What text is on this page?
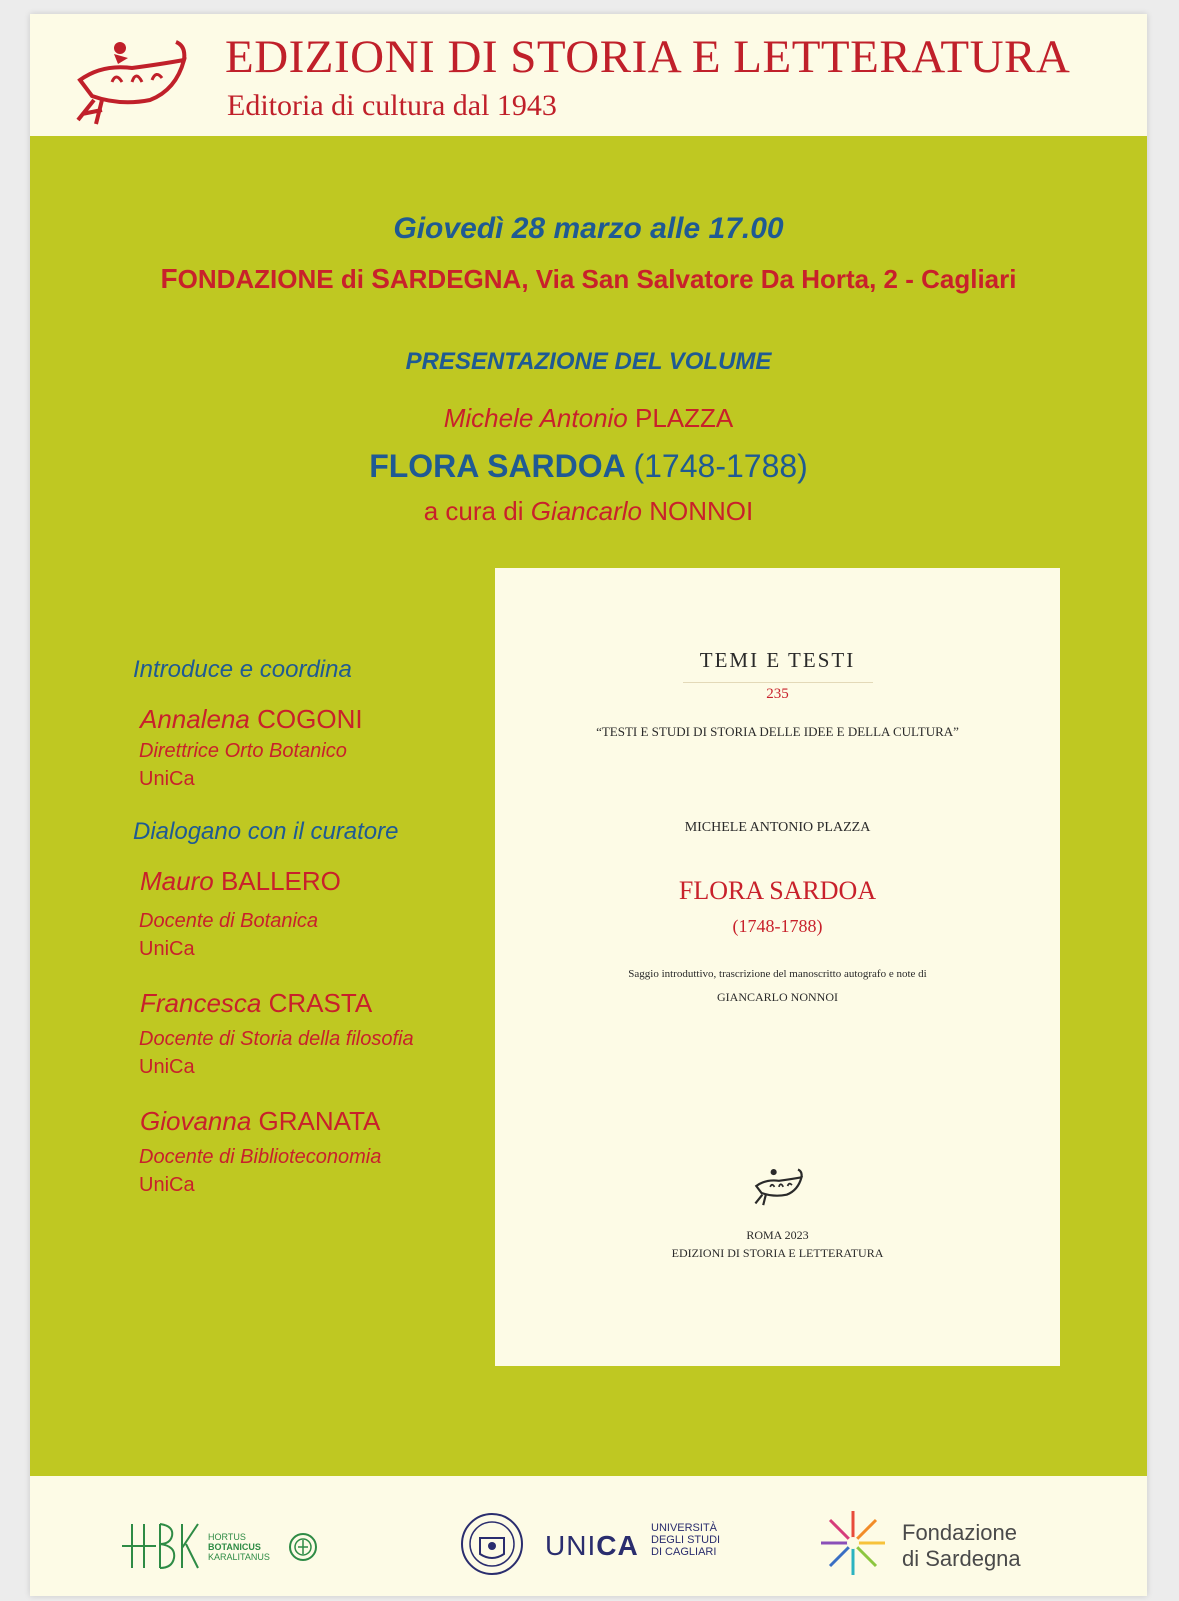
EDIZIONI DI STORIA E LETTERATURA
Editoria di cultura dal 1943
Giovedì 28 marzo alle 17.00
FONDAZIONE di SARDEGNA, Via San Salvatore Da Horta, 2 - Cagliari
PRESENTAZIONE DEL VOLUME
Michele Antonio PLAZZA
FLORA SARDOA (1748-1788)
a cura di Giancarlo NONNOI
Introduce e coordina
Annalena COGONI
Direttrice Orto Botanico
UniCa
Dialogano con il curatore
Mauro BALLERO
Docente di Botanica
UniCa
Francesca CRASTA
Docente di Storia della filosofia
UniCa
Giovanna GRANATA
Docente di Biblioteconomia
UniCa
TEMI E TESTI
235
“TESTI E STUDI DI STORIA DELLE IDEE E DELLA CULTURA”
MICHELE ANTONIO PLAZZA
FLORA SARDOA
(1748-1788)
Saggio introduttivo, trascrizione del manoscritto autografo e note di
GIANCARLO NONNOI
ROMA 2023
EDIZIONI DI STORIA E LETTERATURA
HORTUS
BOTANICUS
KARALITANUS	UNICA
UNIVERSITÀ
DEGLI STUDI
DI CAGLIARI
Fondazione
di Sardegna
